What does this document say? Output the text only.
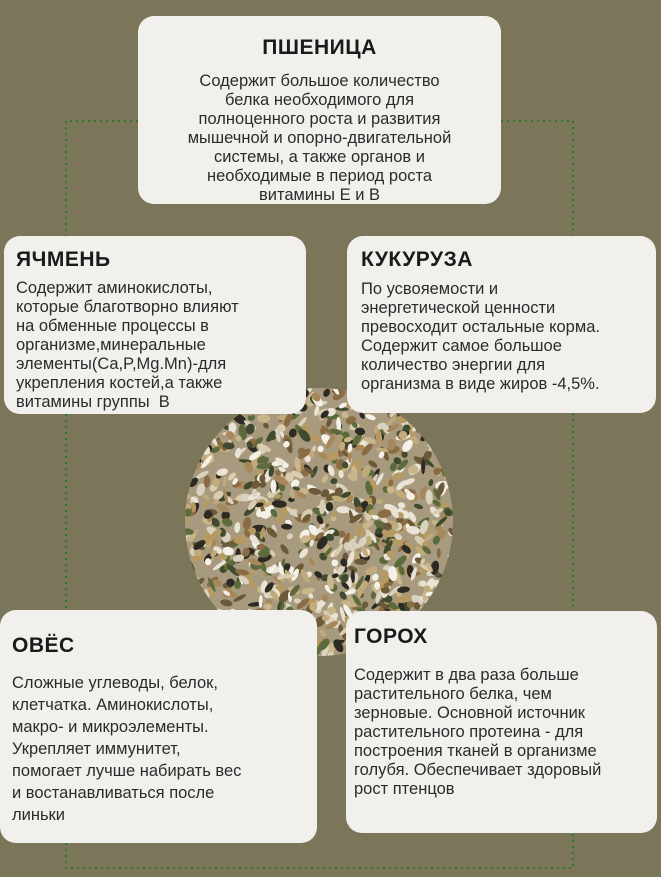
ПШЕНИЦА

Содержит большое количество
белка необходимого для
полноценного роста и развития
мышечной и опорно-двигательной
системы, а также органов и
необходимые в период роста
витамины Е и В

ЯЧМЕНЬ

Содержит аминокислоты,
которые благотворно влияют
на обменные процессы в
организме,минеральные
элементы(Ca,P,Mg.Mn)-для
укрепления костей,а также
витамины группы  В

КУКУРУЗА

По усвояемости и
энергетической ценности
превосходит остальные корма.
Содержит самое большое
количество энергии для
организма в виде жиров -4,5%.

ОВЁС

Сложные углеводы, белок,
клетчатка. Аминокислоты,
макро- и микроэлементы.
Укрепляет иммунитет,
помогает лучше набирать вес
и востанавливаться после
линьки

ГОРОХ

Содержит в два раза больше
растительного белка, чем
зерновые. Основной источник
растительного протеина - для
построения тканей в организме
голубя. Обеспечивает здоровый
рост птенцов
